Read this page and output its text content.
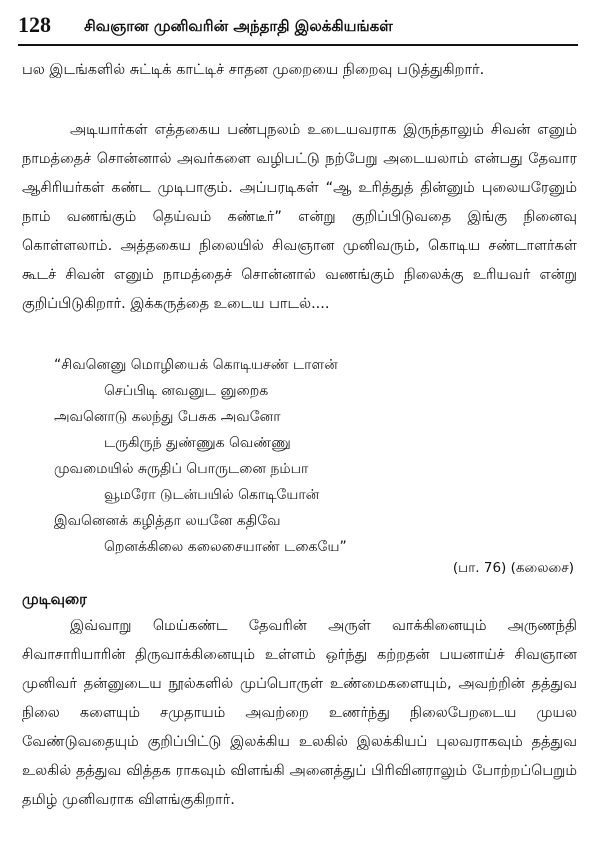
128 சிவஞான முனிவரின் அந்தாதி இலக்கியங்கள்

பல இடங்களில் சுட்டிக் காட்டிச் சாதன முறையை நிறைவு படுத்துகிறார்.

அடியார்கள் எத்தகைய பண்புநலம் உடையவராக இருந்தாலும் சிவன் எனும் நாமத்தைச் சொன்னால் அவர்களை வழிபட்டு நற்பேறு அடையலாம் என்பது தேவார ஆசிரியர்கள் கண்ட முடிபாகும். அப்பரடிகள் “ஆ உரித்துத் தின்னும் புலையரேனும் நாம் வணங்கும் தெய்வம் கண்டீர்” என்று குறிப்பிடுவதை இங்கு நினைவு கொள்ளலாம். அத்தகைய நிலையில் சிவஞான முனிவரும், கொடிய சண்டாளர்கள் கூடச் சிவன் எனும் நாமத்தைச் சொன்னால் வணங்கும் நிலைக்கு உரியவர் என்று குறிப்பிடுகிறார். இக்கருத்தை உடைய பாடல்....

“சிவனெனு மொழியைக் கொடியசண் டாளன்
செப்பிடி னவனுட னுறைக
அவனொடு கலந்து பேசுக அவனோ
டருகிருந் துண்ணுக வெண்ணு
முவமையில் சுருதிப் பொருடனை நம்பா
வூமரோ டுடன்பயில் கொடியோன்
இவனெனக் கழித்தா லயனே கதிவே
றெனக்கிலை கலைசையாண் டகையே”
(பா. 76) (கலைசை)
முடிவுரை

இவ்வாறு மெய்கண்ட தேவரின் அருள் வாக்கினையும் அருணந்தி சிவாசாரியாரின் திருவாக்கினையும் உள்ளம் ஒர்ந்து கற்றதன் பயனாய்ச் சிவஞான முனிவர் தன்னுடைய நூல்களில் முப்பொருள் உண்மைகளையும், அவற்றின் தத்துவ நிலை களையும் சமுதாயம் அவற்றை உணர்ந்து நிலைபேறடைய முயல வேண்டுவதையும் குறிப்பிட்டு இலக்கிய உலகில் இலக்கியப் புலவராகவும் தத்துவ உலகில் தத்துவ வித்தக ராகவும் விளங்கி அனைத்துப் பிரிவினராலும் போற்றப்பெறும் தமிழ் முனிவராக விளங்குகிறார்.
